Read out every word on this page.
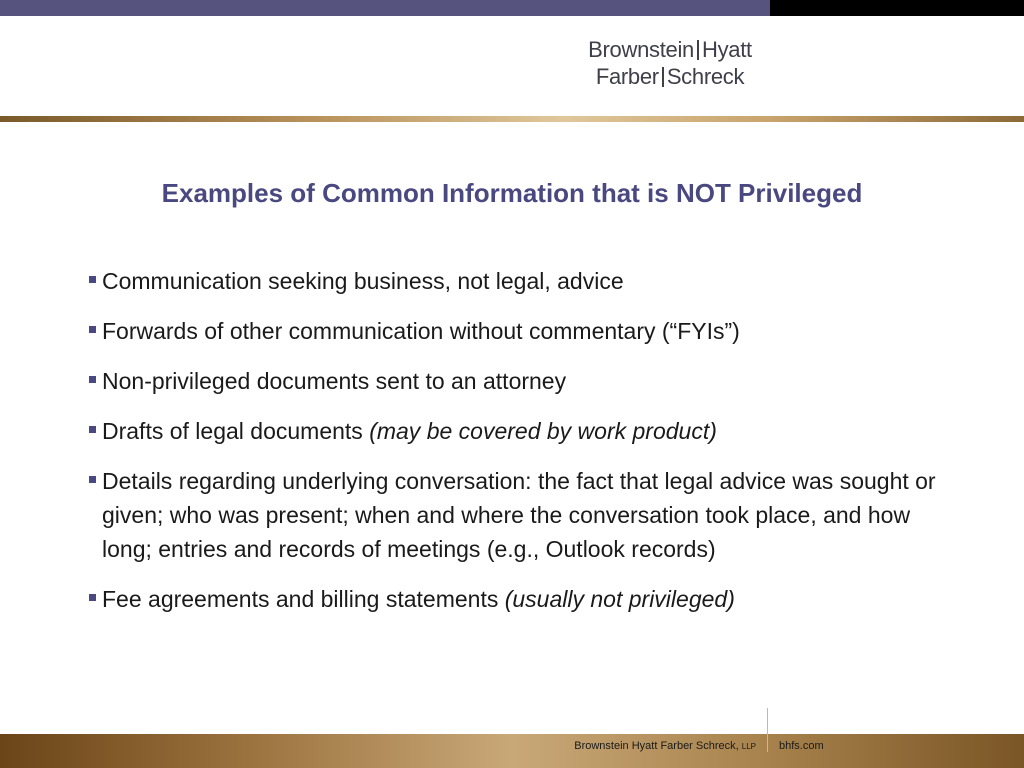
Brownstein Hyatt
Farber Schreck
Examples of Common Information that is NOT Privileged
Communication seeking business, not legal, advice
Forwards of other communication without commentary (“FYIs”)
Non-privileged documents sent to an attorney
Drafts of legal documents (may be covered by work product)
Details regarding underlying conversation: the fact that legal advice was sought or given; who was present; when and where the conversation took place, and how long; entries and records of meetings (e.g., Outlook records)
Fee agreements and billing statements (usually not privileged)
Brownstein Hyatt Farber Schreck, LLP bhfs.com
